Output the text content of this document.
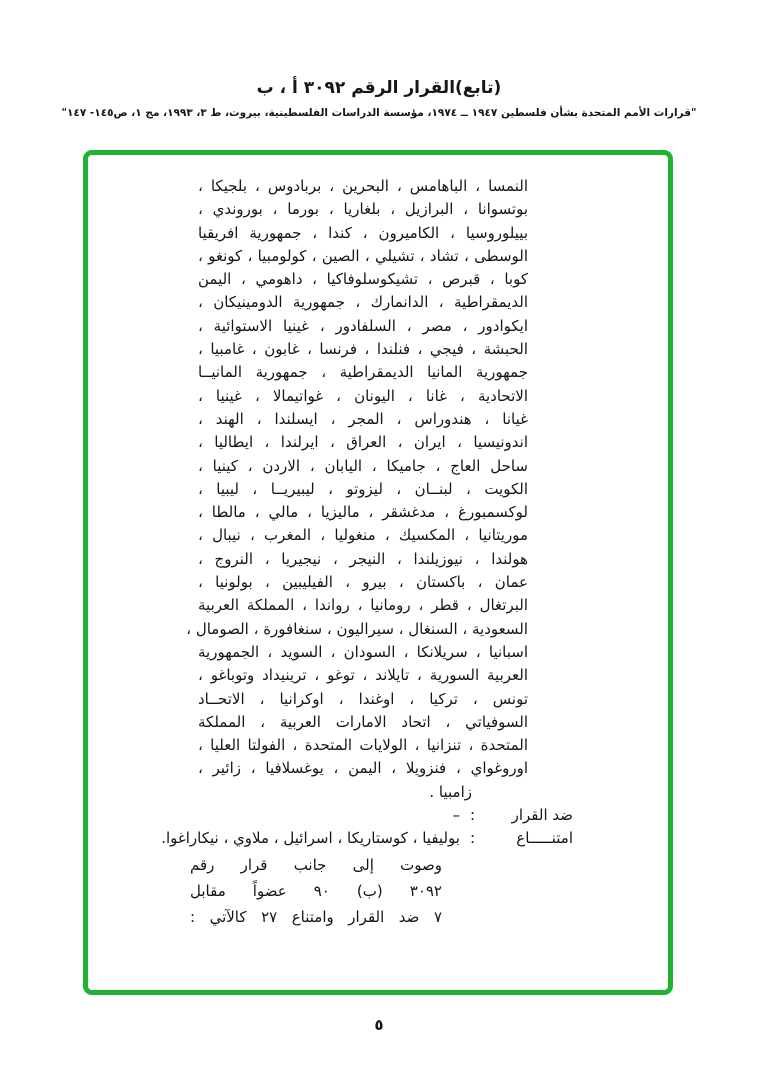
(تابع)القرار الرقم ٣٠٩٢ أ ، ب
"قرارات الأمم المتحدة بشأن فلسطين ١٩٤٧ ــ ١٩٧٤، مؤسسة الدراسات الفلسطينية، بيروت، ط ٣، ١٩٩٣، مج ١، ص١٤٥- ١٤٧"
النمسا ، الباهامس ، البحرين ، بربادوس ، بلجيكا ،
بوتسوانا ، البرازيل ، بلغاريا ، بورما ، بوروندي ،
بييلوروسيا ، الكاميرون ، كندا ، جمهورية افريقيا
الوسطى ، تشاد ، تشيلي ، الصين ، كولومبيا ، كونغو ،
كوبا ، قبرص ، تشيكوسلوفاكيا ، داهومي ، اليمن
الديمقراطية ، الدانمارك ، جمهورية الدومينيكان ،
ايكوادور ، مصر ، السلفادور ، غينيا الاستوائية ،
الحبشة ، فيجي ، فنلندا ، فرنسا ، غابون ، غامبيا ،
جمهورية المانيا الديمقراطية ، جمهورية المانيــا
الاتحادية ، غانا ، اليونان ، غواتيمالا ، غينيا ،
غيانا ، هندوراس ، المجر ، ايسلندا ، الهند ،
اندونيسيا ، ايران ، العراق ، ايرلندا ، ايطاليا ،
ساحل العاج ، جاميكا ، اليابان ، الاردن ، كينيا ،
الكويت ، لبنــان ، ليزوتو ، ليبيريــا ، ليبيا ،
لوكسمبورغ ، مدغشقر ، ماليزيا ، مالي ، مالطا ،
موريتانيا ، المكسيك ، منغوليا ، المغرب ، نيبال ،
هولندا ، نيوزيلندا ، النيجر ، نيجيريا ، النروج ،
عمان ، باكستان ، بيرو ، الفيليبين ، بولونيا ،
البرتغال ، قطر ، رومانيا ، رواندا ، المملكة العربية
السعودية ، السنغال ، سيراليون ، سنغافورة ، الصومال ،
اسبانيا ، سريلانكا ، السودان ، السويد ، الجمهورية
العربية السورية ، تايلاند ، توغو ، ترينيداد وتوباغو ،
تونس ، تركيا ، اوغندا ، اوكرانيا ، الاتحــاد
السوفياتي ، اتحاد الامارات العربية ، المملكة
المتحدة ، تنزانيا ، الولايات المتحدة ، الفولتا العليا ،
اوروغواي ، فنزويلا ، اليمن ، يوغسلافيا ، زائير ،
زامبيا .
ضد القرار:–
امتنـــــاع:بوليفيا ، كوستاريكا ، اسرائيل ، ملاوي ، نيكاراغوا.
وصوت إلى جانب قرار رقم
٣٠٩٢ (ب) ٩٠ عضواً مقابل
٧ ضد القرار وامتناع ٢٧ كالآتي :
٥
